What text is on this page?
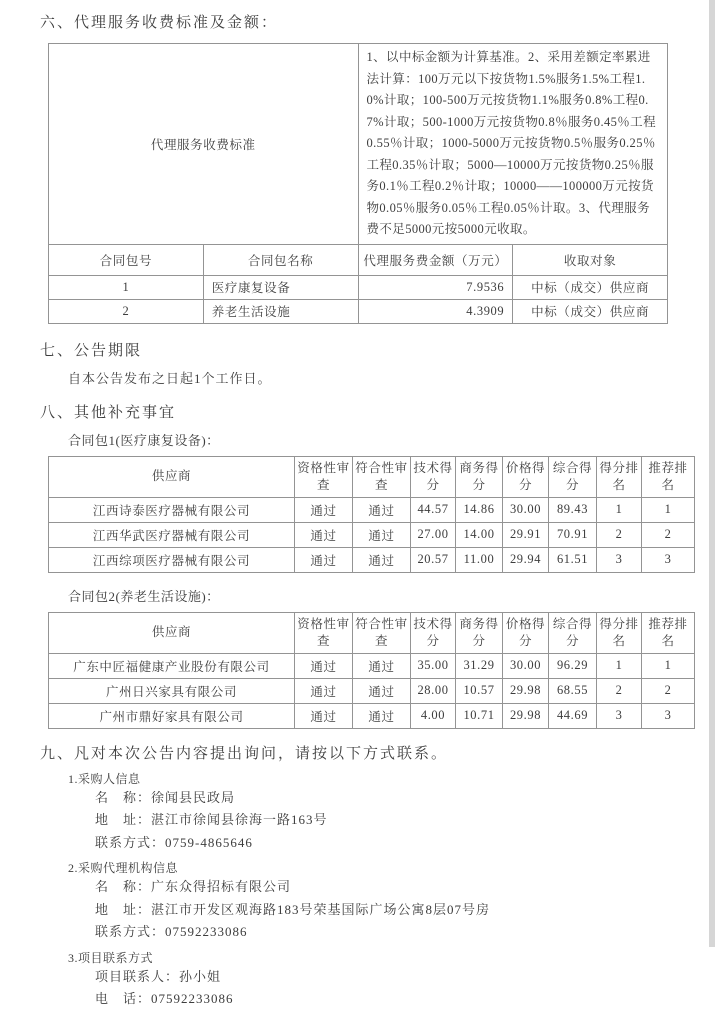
六、代理服务收费标准及金额：
代理服务收费标准		1、以中标金额为计算基准。2、采用差额定率累进法计算：100万元以下按货物1.5%服务1.5%工程1.0%计取；100-500万元按货物1.1%服务0.8%工程0.7%计取；500-1000万元按货物0.8％服务0.45％工程0.55％计取；1000-5000万元按货物0.5％服务0.25％工程0.35％计取；5000—10000万元按货物0.25％服务0.1％工程0.2％计取；10000——100000万元按货物0.05％服务0.05％工程0.05％计取。3、代理服务费不足5000元按5000元收取。	
合同包号	合同包名称	代理服务费金额（万元）	收取对象
1	医疗康复设备	7.9536	中标（成交）供应商
2	养老生活设施	4.3909	中标（成交）供应商
七、公告期限
自本公告发布之日起1个工作日。
八、其他补充事宜
合同包1(医疗康复设备)：
供应商	资格性审查	符合性审查	技术得分	商务得分	价格得分	综合得分	得分排名	推荐排名
江西诗泰医疗器械有限公司	通过	通过	44.57	14.86	30.00	89.43	1	1
江西华武医疗器械有限公司	通过	通过	27.00	14.00	29.91	70.91	2	2
江西综项医疗器械有限公司	通过	通过	20.57	11.00	29.94	61.51	3	3
合同包2(养老生活设施)：
供应商	资格性审查	符合性审查	技术得分	商务得分	价格得分	综合得分	得分排名	推荐排名
广东中匠福健康产业股份有限公司	通过	通过	35.00	31.29	30.00	96.29	1	1
广州日兴家具有限公司	通过	通过	28.00	10.57	29.98	68.55	2	2
广州市鼎好家具有限公司	通过	通过	4.00	10.71	29.98	44.69	3	3
九、凡对本次公告内容提出询问，请按以下方式联系。
1.采购人信息
名　称：徐闻县民政局
地　址：湛江市徐闻县徐海一路163号
联系方式：0759-4865646
2.采购代理机构信息
名　称：广东众得招标有限公司
地　址：湛江市开发区观海路183号荣基国际广场公寓8层07号房
联系方式：07592233086
3.项目联系方式
项目联系人：孙小姐
电　话：07592233086
